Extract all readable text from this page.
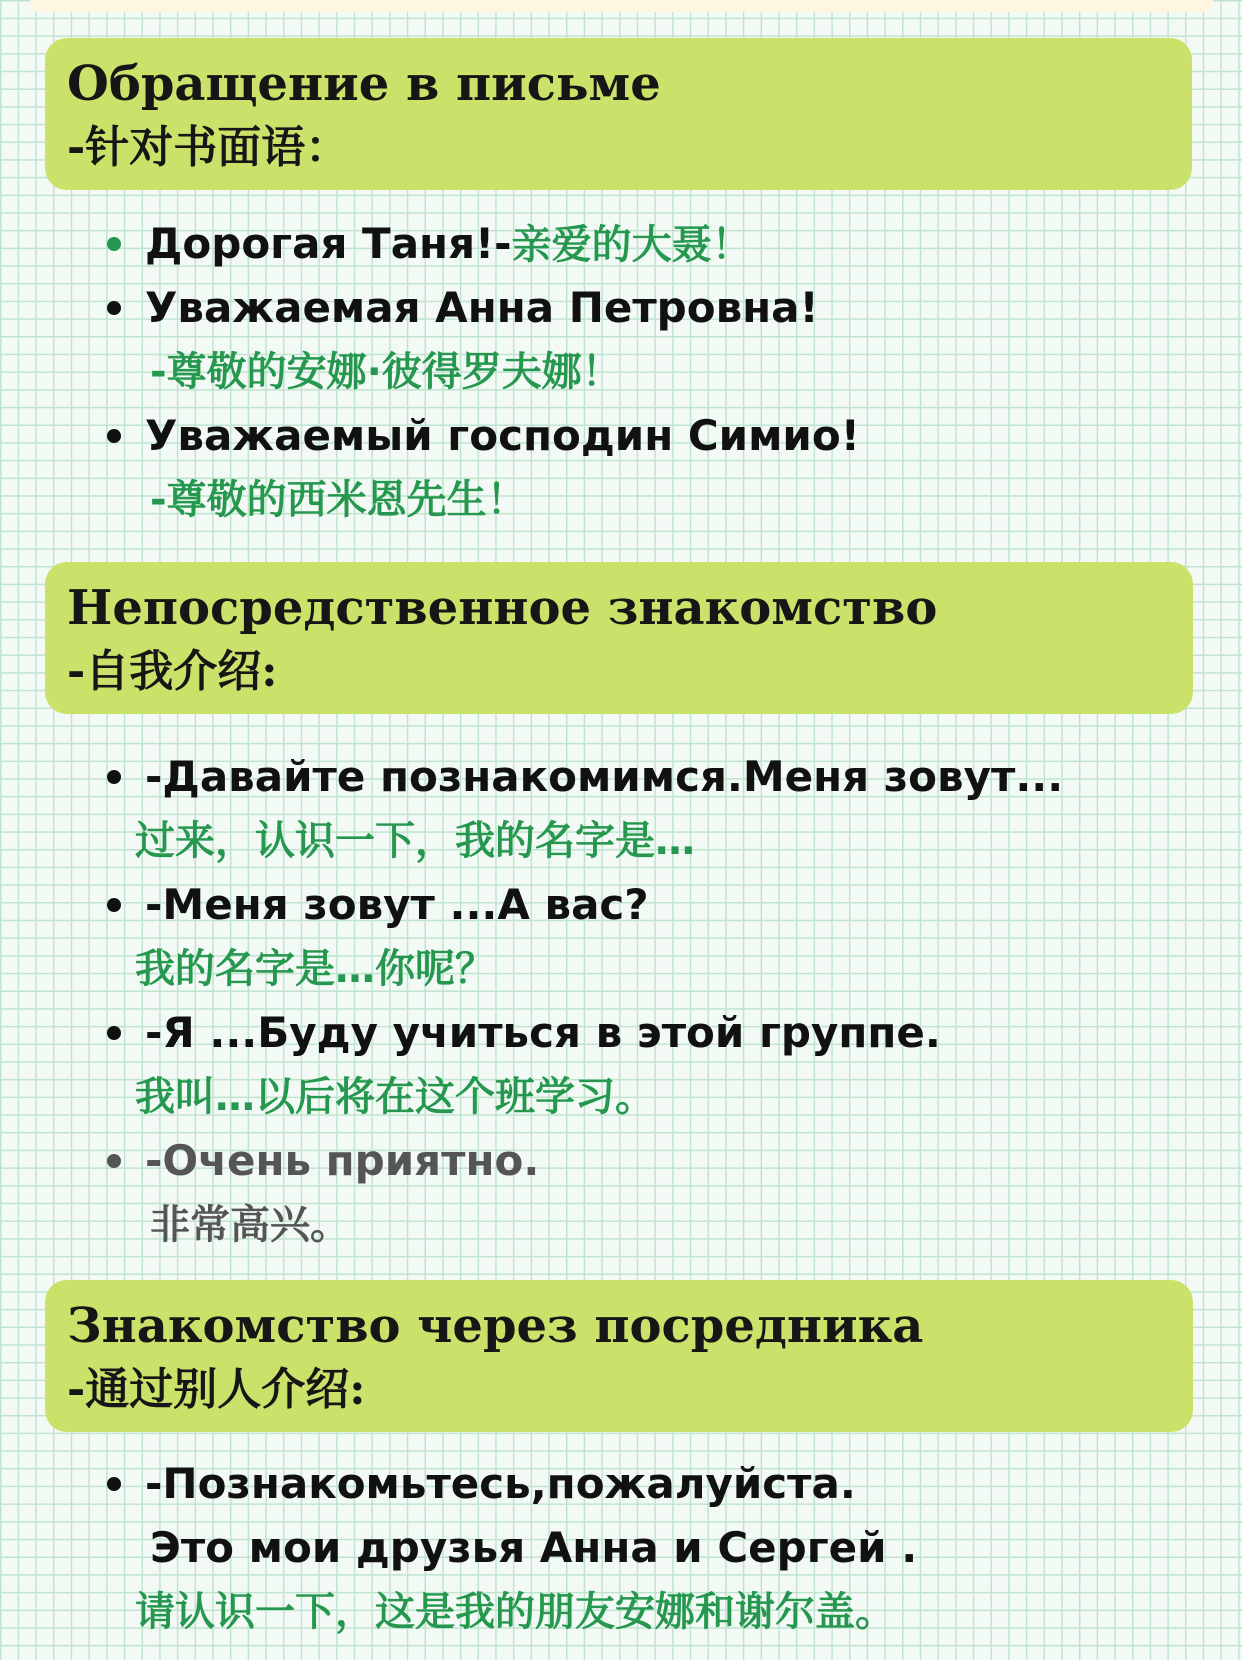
Обращение в письме
-针对书面语：
Дорогая Таня!-亲爱的大聂！
Уважаемая Анна Петровна!
-尊敬的安娜·彼得罗夫娜！
Уважаемый господин Симио!
-尊敬的西米恩先生！
Непосредственное знакомство
-自我介绍:
-Давайте познакомимся.Меня зовут...
过来，认识一下，我的名字是…
-Меня зовут ...А вас?
我的名字是…你呢？
-Я ...Буду учиться в этой группе.
我叫…以后将在这个班学习。
-Очень приятно.
非常高兴。
Знакомство через посредника
-通过别人介绍:
-Познакомьтесь,пожалуйста.
Это мои друзья Анна и Сергей .
请认识一下，这是我的朋友安娜和谢尔盖。
